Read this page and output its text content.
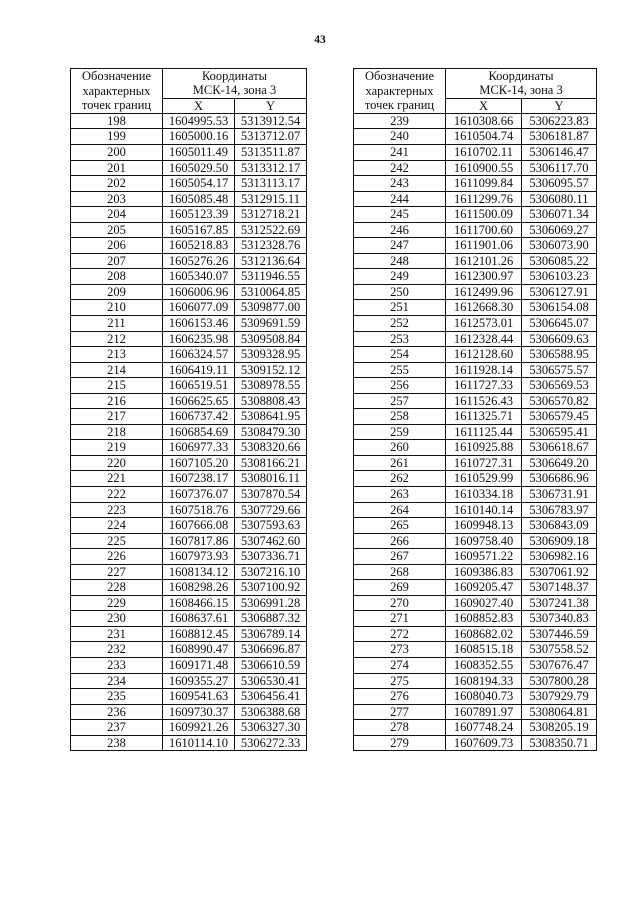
43
Обозначение	Координаты	
характерных	МСК-14, зона 3	
точек границ	X	Y
198	1604995.53	5313912.54
199	1605000.16	5313712.07
200	1605011.49	5313511.87
201	1605029.50	5313312.17
202	1605054.17	5313113.17
203	1605085.48	5312915.11
204	1605123.39	5312718.21
205	1605167.85	5312522.69
206	1605218.83	5312328.76
207	1605276.26	5312136.64
208	1605340.07	5311946.55
209	1606006.96	5310064.85
210	1606077.09	5309877.00
211	1606153.46	5309691.59
212	1606235.98	5309508.84
213	1606324.57	5309328.95
214	1606419.11	5309152.12
215	1606519.51	5308978.55
216	1606625.65	5308808.43
217	1606737.42	5308641.95
218	1606854.69	5308479.30
219	1606977.33	5308320.66
220	1607105.20	5308166.21
221	1607238.17	5308016.11
222	1607376.07	5307870.54
223	1607518.76	5307729.66
224	1607666.08	5307593.63
225	1607817.86	5307462.60
226	1607973.93	5307336.71
227	1608134.12	5307216.10
228	1608298.26	5307100.92
229	1608466.15	5306991.28
230	1608637.61	5306887.32
231	1608812.45	5306789.14
232	1608990.47	5306696.87
233	1609171.48	5306610.59
234	1609355.27	5306530.41
235	1609541.63	5306456.41
236	1609730.37	5306388.68
237	1609921.26	5306327.30
238	1610114.10	5306272.33
Обозначение	Координаты	
характерных	МСК-14, зона 3	
точек границ	X	Y
239	1610308.66	5306223.83
240	1610504.74	5306181.87
241	1610702.11	5306146.47
242	1610900.55	5306117.70
243	1611099.84	5306095.57
244	1611299.76	5306080.11
245	1611500.09	5306071.34
246	1611700.60	5306069.27
247	1611901.06	5306073.90
248	1612101.26	5306085.22
249	1612300.97	5306103.23
250	1612499.96	5306127.91
251	1612668.30	5306154.08
252	1612573.01	5306645.07
253	1612328.44	5306609.63
254	1612128.60	5306588.95
255	1611928.14	5306575.57
256	1611727.33	5306569.53
257	1611526.43	5306570.82
258	1611325.71	5306579.45
259	1611125.44	5306595.41
260	1610925.88	5306618.67
261	1610727.31	5306649.20
262	1610529.99	5306686.96
263	1610334.18	5306731.91
264	1610140.14	5306783.97
265	1609948.13	5306843.09
266	1609758.40	5306909.18
267	1609571.22	5306982.16
268	1609386.83	5307061.92
269	1609205.47	5307148.37
270	1609027.40	5307241.38
271	1608852.83	5307340.83
272	1608682.02	5307446.59
273	1608515.18	5307558.52
274	1608352.55	5307676.47
275	1608194.33	5307800.28
276	1608040.73	5307929.79
277	1607891.97	5308064.81
278	1607748.24	5308205.19
279	1607609.73	5308350.71
